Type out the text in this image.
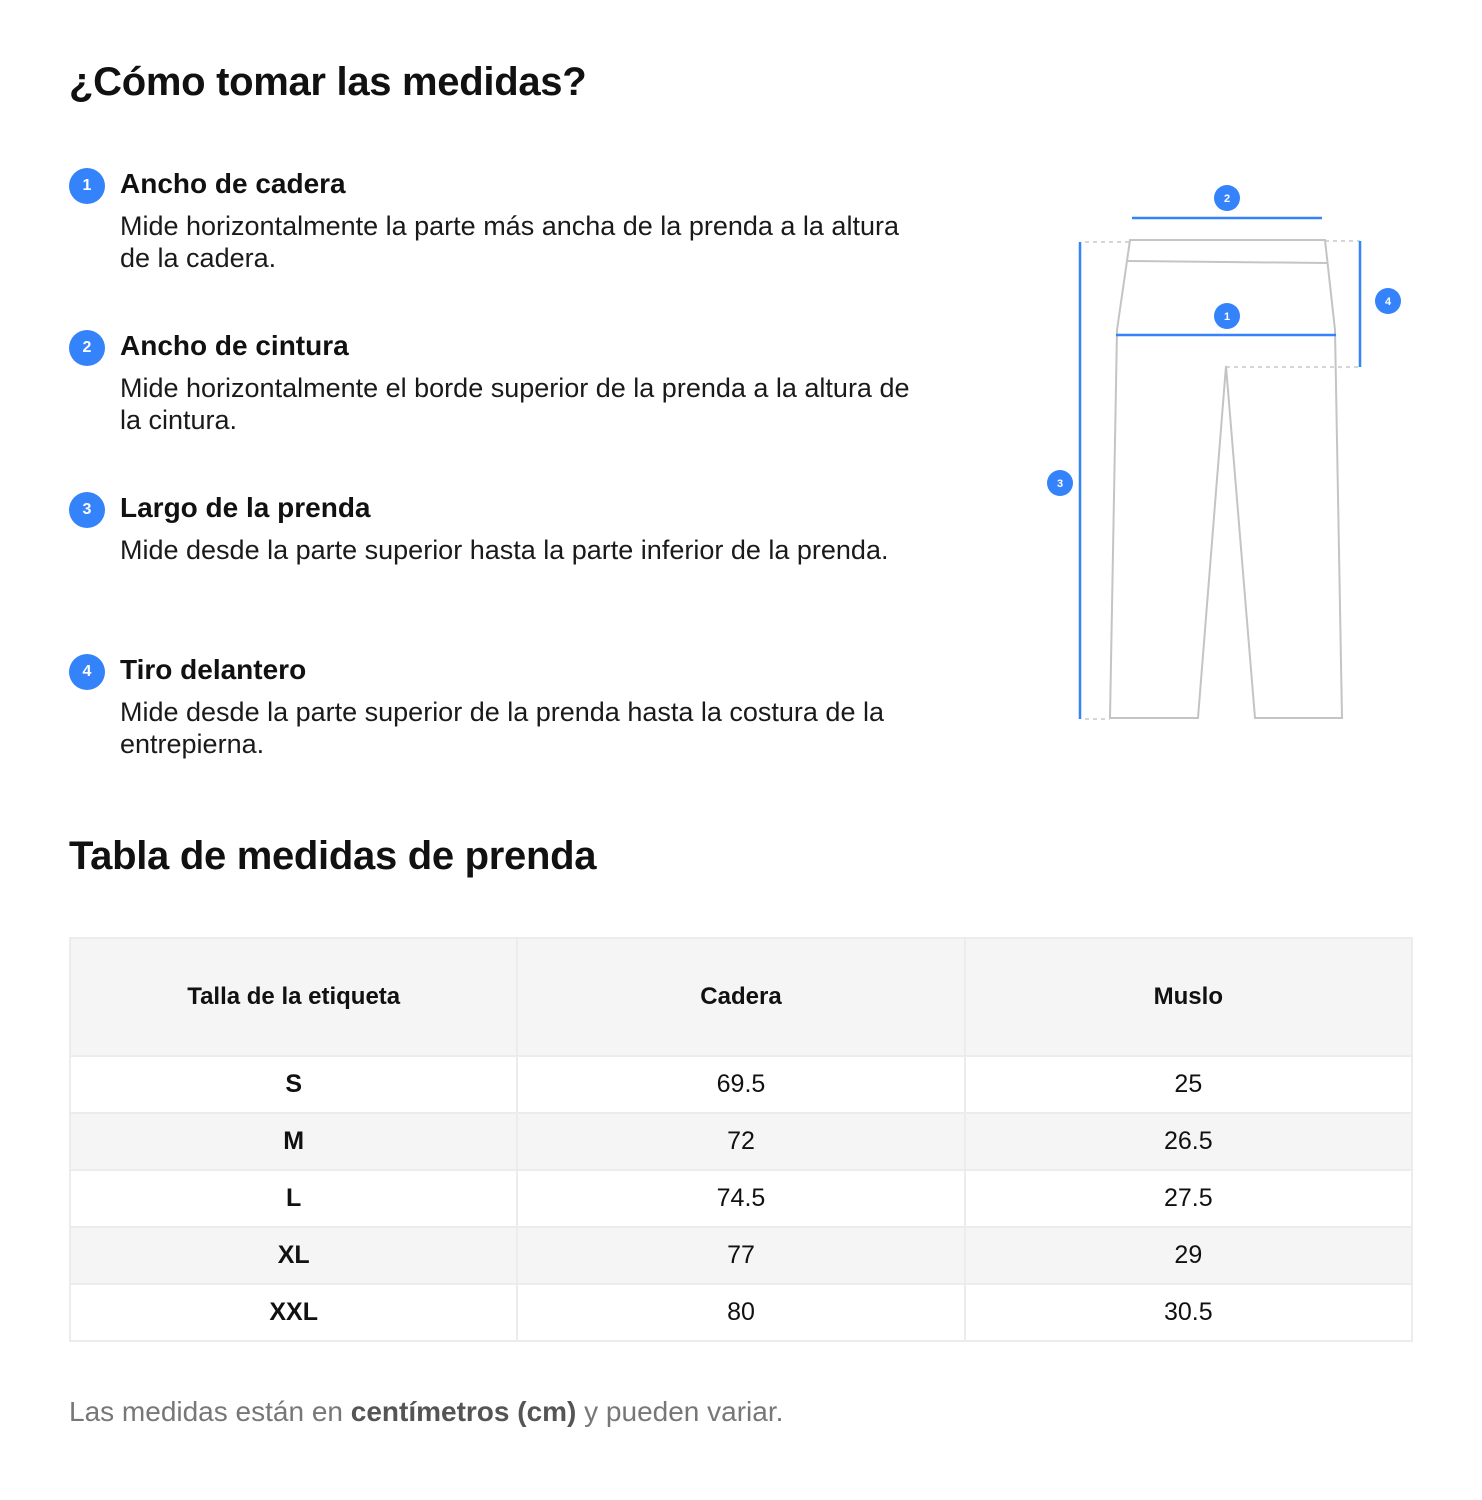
¿Cómo tomar las medidas?
1	Ancho de cadera
Mide horizontalmente la parte más ancha de la prenda a la altura de la cadera.
2	Ancho de cintura
Mide horizontalmente el borde superior de la prenda a la altura de la cintura.
3	Largo de la prenda
Mide desde la parte superior hasta la parte inferior de la prenda.
4	Tiro delantero
Mide desde la parte superior de la prenda hasta la costura de la entrepierna.
2
1
3
4
Tabla de medidas de prenda
Talla de la etiqueta	Cadera	Muslo
S	69.5	25
M	72	26.5
L	74.5	27.5
XL	77	29
XXL	80	30.5

Las medidas están en centímetros (cm) y pueden variar.
